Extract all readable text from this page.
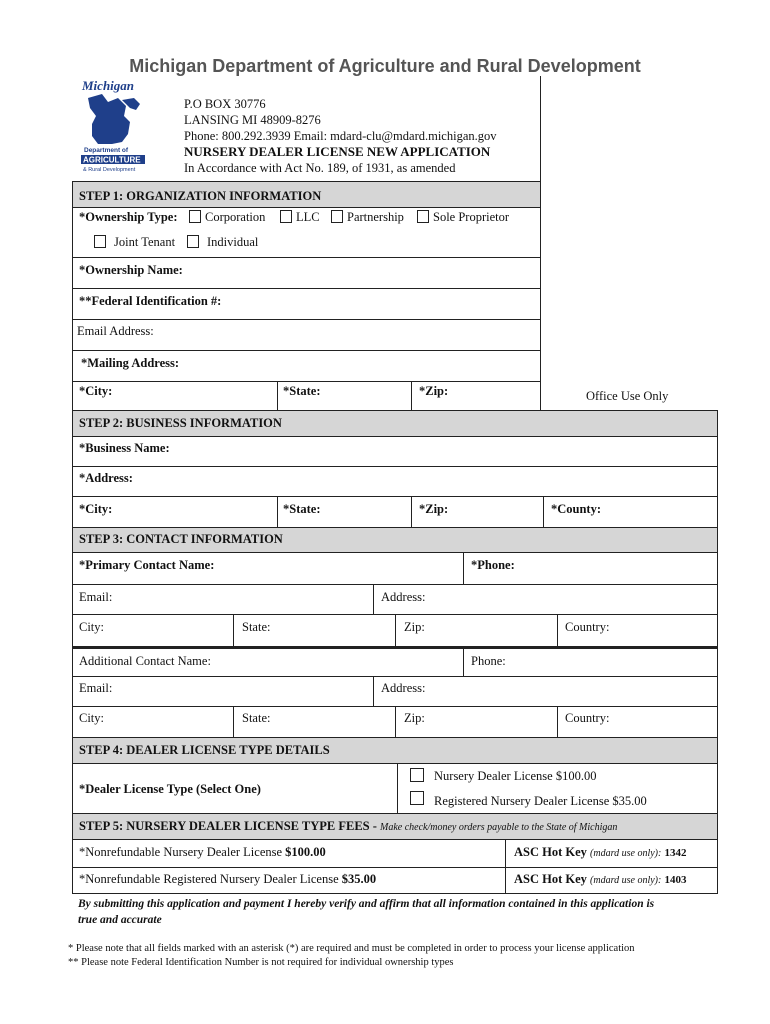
Michigan Department of Agriculture and Rural Development
Michigan
Department of
AGRICULTURE
& Rural Development
P.O BOX 30776
LANSING MI 48909-8276
Phone: 800.292.3939 Email: mdard-clu@mdard.michigan.gov
NURSERY DEALER LICENSE NEW APPLICATION
In Accordance with Act No. 189, of 1931, as amended
Office Use Only
STEP 1: ORGANIZATION INFORMATION
*Ownership Type:	Corporation	LLC	Partnership	Sole Proprietor
Joint Tenant	Individual
*Ownership Name:
**Federal Identification #:
Email Address:
*Mailing Address:
*City:	*State:	*Zip:
STEP 2: BUSINESS INFORMATION
*Business Name:
*Address:
*City:	*State:	*Zip:	*County:
STEP 3: CONTACT INFORMATION
*Primary Contact Name:	*Phone:
Email:	Address:
City:	State:	Zip:	Country:
Additional Contact Name:	Phone:
Email:	Address:
City:	State:	Zip:	Country:
STEP 4: DEALER LICENSE TYPE DETAILS
*Dealer License Type (Select One)
Nursery Dealer License $100.00
Registered Nursery Dealer License $35.00
STEP 5: NURSERY DEALER LICENSE TYPE FEES - Make check/money orders payable to the State of Michigan
*Nonrefundable Nursery Dealer License $100.00	ASC Hot Key (mdard use only): 1342
*Nonrefundable Registered Nursery Dealer License $35.00	ASC Hot Key (mdard use only): 1403
By submitting this application and payment I hereby verify and affirm that all information contained in this application is
true and accurate
* Please note that all fields marked with an asterisk (*) are required and must be completed in order to process your license application
** Please note Federal Identification Number is not required for individual ownership types
